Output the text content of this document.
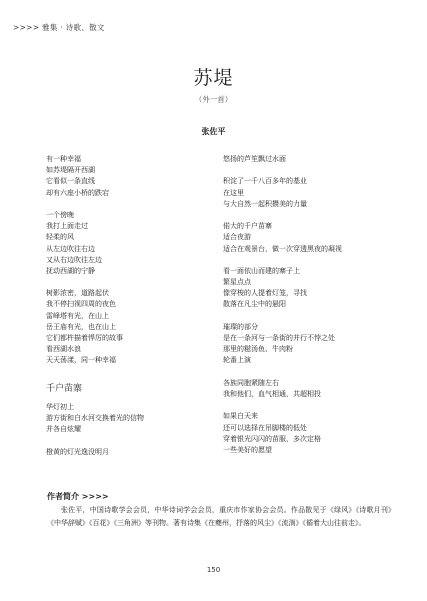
>>>> 雅集 · 诗歌、散文
苏堤
（外一首）
张佐平
有一种幸福
如苏堤隔开西湖
它看似一条直线
却有六座小桥的跌宕
一个傍晚
我打上面走过
轻柔的风
从左边吹往右边
又从右边吹往左边
抚动西湖的宁静
树影浓密，道路起伏
我不停扫视四周的夜色
雷峰塔有光，在山上
岳王庙有光，也在山上
它们都杵描着悍厉的故事
看西湖水浪
天天荡漾，同一种幸福
千户苗寨
华灯初上
游方街和白水河交换着光的信物
并各自炫耀
橙黄的灯光逸没明月
悠扬的芦笙飘过水面
积淀了一千八百多年的基业
在这里
与大自然一起积攒美的力量
偌大的千户苗寨
适合夜游
适合在观景台，做一次穿透黑夜的凝视
看一面依山而建的寨子上
繁星点点
像穿梭的人提着灯笼，寻找
散落在凡尘中的悬阳
璀璨的部分
是在一条河与一条街的并行不悖之处
那里的糍汤鱼、牛肉粉
轮番上演
各族同胞紧随左右
我和他们，血气相通，共超相投
如果白天来
还可以选择在吊脚楼的低处
穿着银光闪闪的苗服，多次定格
一些美好的愿望
作者简介 >>>>
张佐平，中国诗歌学会会员，中华诗词学会会员，重庆市作家协会会员。作品散见于《绿风》《诗歌月刊》《中华辞赋》《百花》《三角洲》等刊物。著有诗集《在夔州，抒落的风尘》《流淌》《循着大山往前走》。
150
